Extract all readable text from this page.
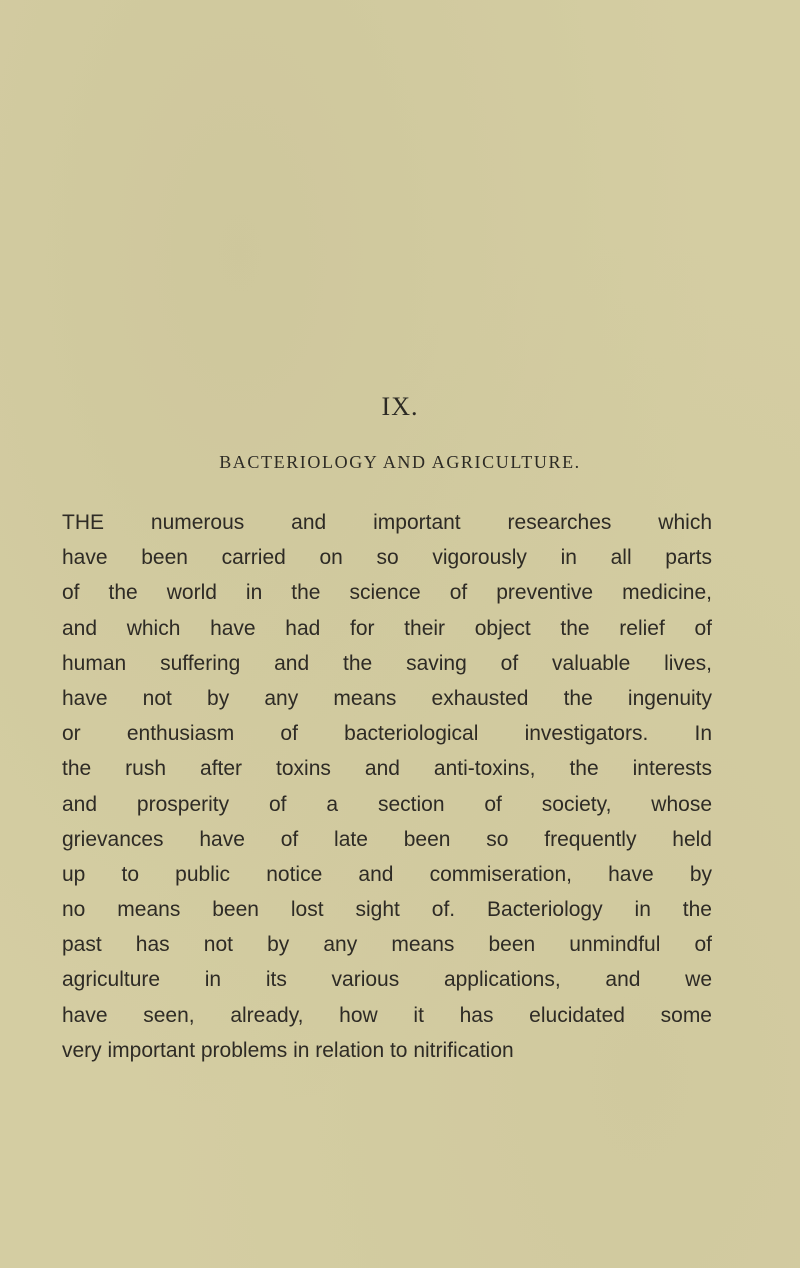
IX.
BACTERIOLOGY AND AGRICULTURE.
THE numerous and important researches which
have been carried on so vigorously in all parts
of the world in the science of preventive medicine,
and which have had for their object the relief of
human suffering and the saving of valuable lives,
have not by any means exhausted the ingenuity
or enthusiasm of bacteriological investigators. In
the rush after toxins and anti-toxins, the interests
and prosperity of a section of society, whose
grievances have of late been so frequently held
up to public notice and commiseration, have by
no means been lost sight of. Bacteriology in the
past has not by any means been unmindful of
agriculture in its various applications, and we
have seen, already, how it has elucidated some
very important problems in relation to nitrification
